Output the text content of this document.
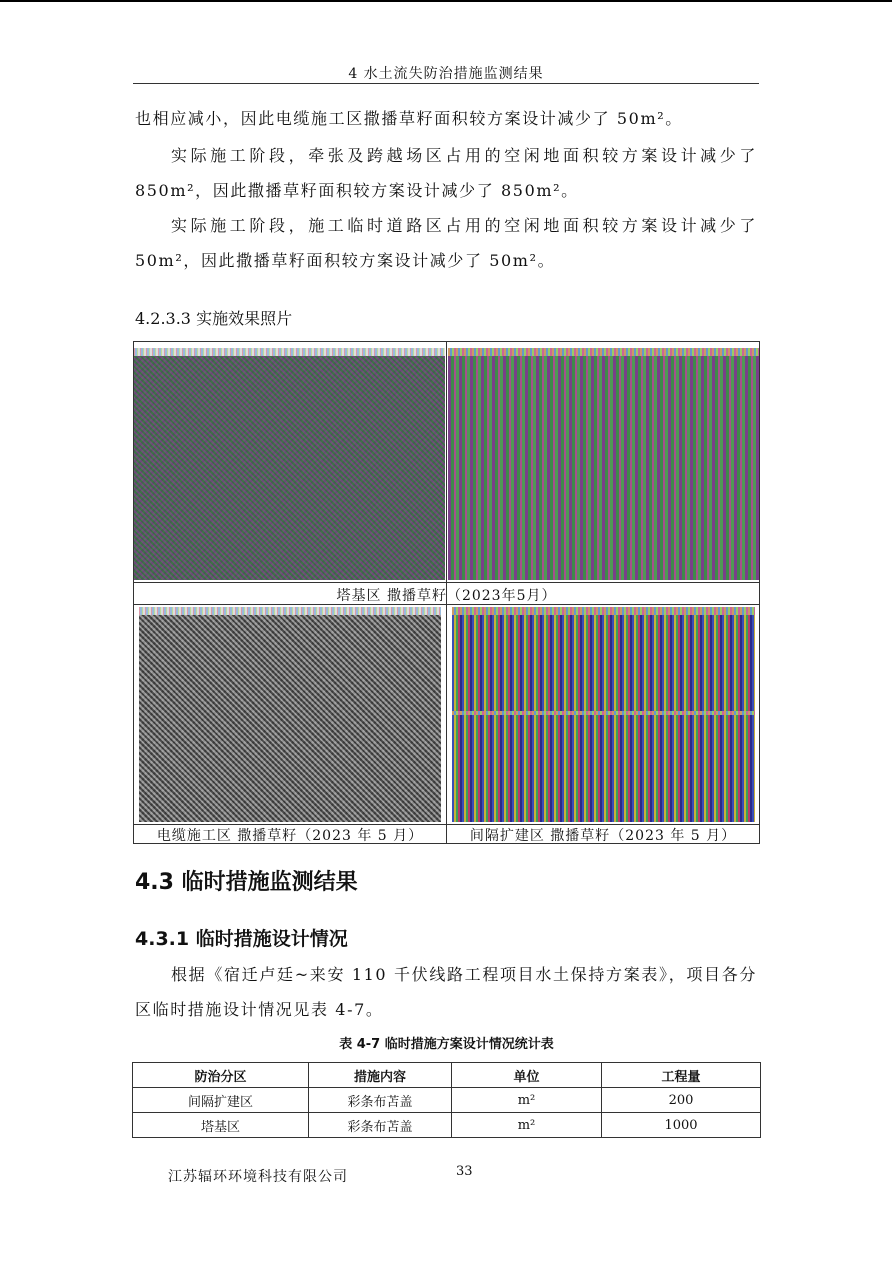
4 水土流失防治措施监测结果
也相应减小，因此电缆施工区撒播草籽面积较方案设计减少了 50m²。
实际施工阶段，牵张及跨越场区占用的空闲地面积较方案设计减少了 850m²，因此撒播草籽面积较方案设计减少了 850m²。
实际施工阶段，施工临时道路区占用的空闲地面积较方案设计减少了 50m²，因此撒播草籽面积较方案设计减少了 50m²。
4.2.3.3 实施效果照片
塔基区 撒播草籽（2023年5月）
电缆施工区 撒播草籽（2023 年 5 月）	间隔扩建区 撒播草籽（2023 年 5 月）
4.3 临时措施监测结果
4.3.1 临时措施设计情况
根据《宿迁卢廷~来安 110 千伏线路工程项目水土保持方案表》，项目各分区临时措施设计情况见表 4-7。
表 4-7 临时措施方案设计情况统计表
防治分区	措施内容	单位	工程量
间隔扩建区	彩条布苫盖	m²	200
塔基区	彩条布苫盖	m²	1000
江苏辐环环境科技有限公司	33
